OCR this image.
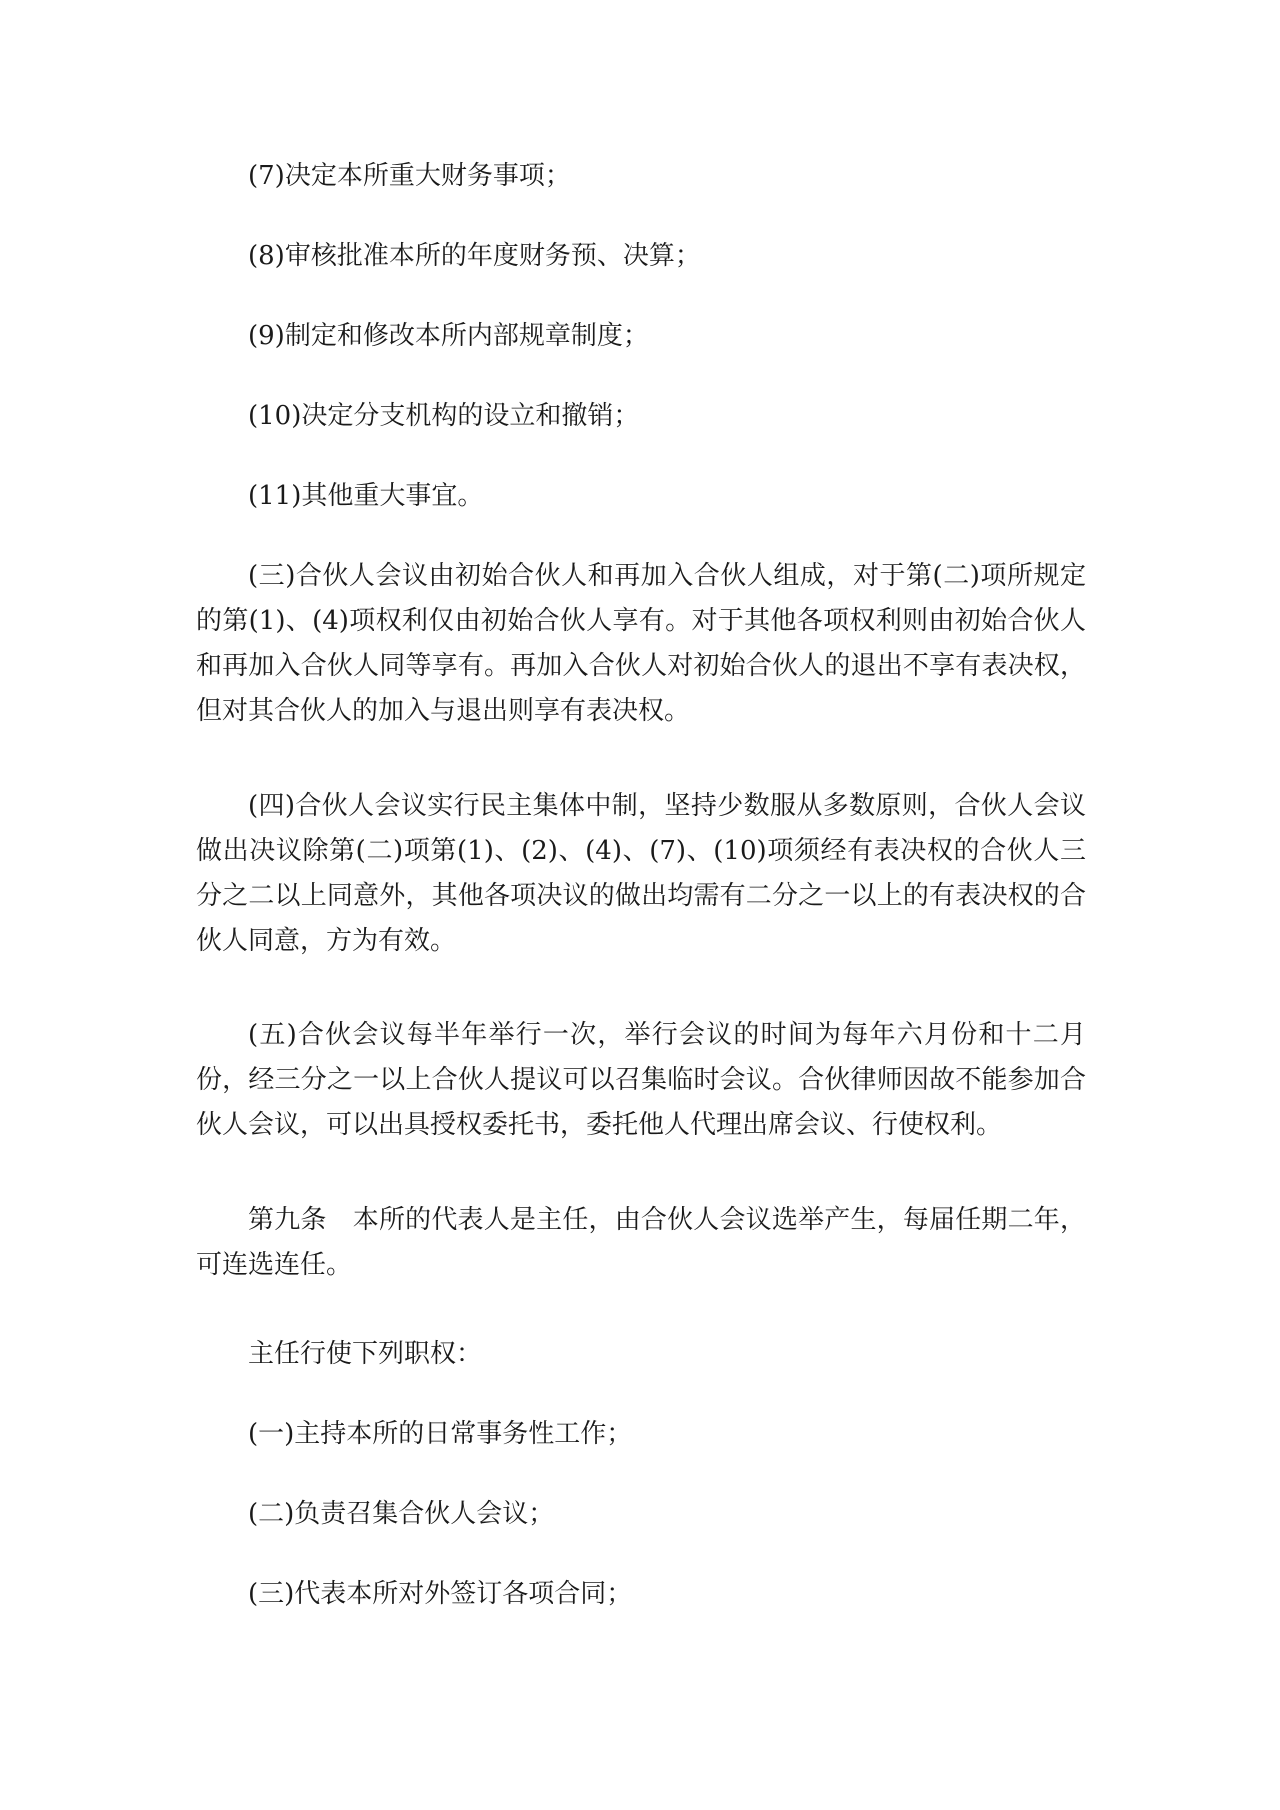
(7)决定本所重大财务事项；

(8)审核批准本所的年度财务预、决算；

(9)制定和修改本所内部规章制度；

(10)决定分支机构的设立和撤销；

(11)其他重大事宜。

(三)合伙人会议由初始合伙人和再加入合伙人组成，对于第(二)项所规定的第(1)、(4)项权利仅由初始合伙人享有。对于其他各项权利则由初始合伙人和再加入合伙人同等享有。再加入合伙人对初始合伙人的退出不享有表决权，但对其合伙人的加入与退出则享有表决权。

(四)合伙人会议实行民主集体中制，坚持少数服从多数原则，合伙人会议做出决议除第(二)项第(1)、(2)、(4)、(7)、(10)项须经有表决权的合伙人三分之二以上同意外，其他各项决议的做出均需有二分之一以上的有表决权的合伙人同意，方为有效。

(五)合伙会议每半年举行一次，举行会议的时间为每年六月份和十二月份，经三分之一以上合伙人提议可以召集临时会议。合伙律师因故不能参加合伙人会议，可以出具授权委托书，委托他人代理出席会议、行使权利。

第九条　本所的代表人是主任，由合伙人会议选举产生，每届任期二年，可连选连任。

主任行使下列职权：

(一)主持本所的日常事务性工作；

(二)负责召集合伙人会议；

(三)代表本所对外签订各项合同；
